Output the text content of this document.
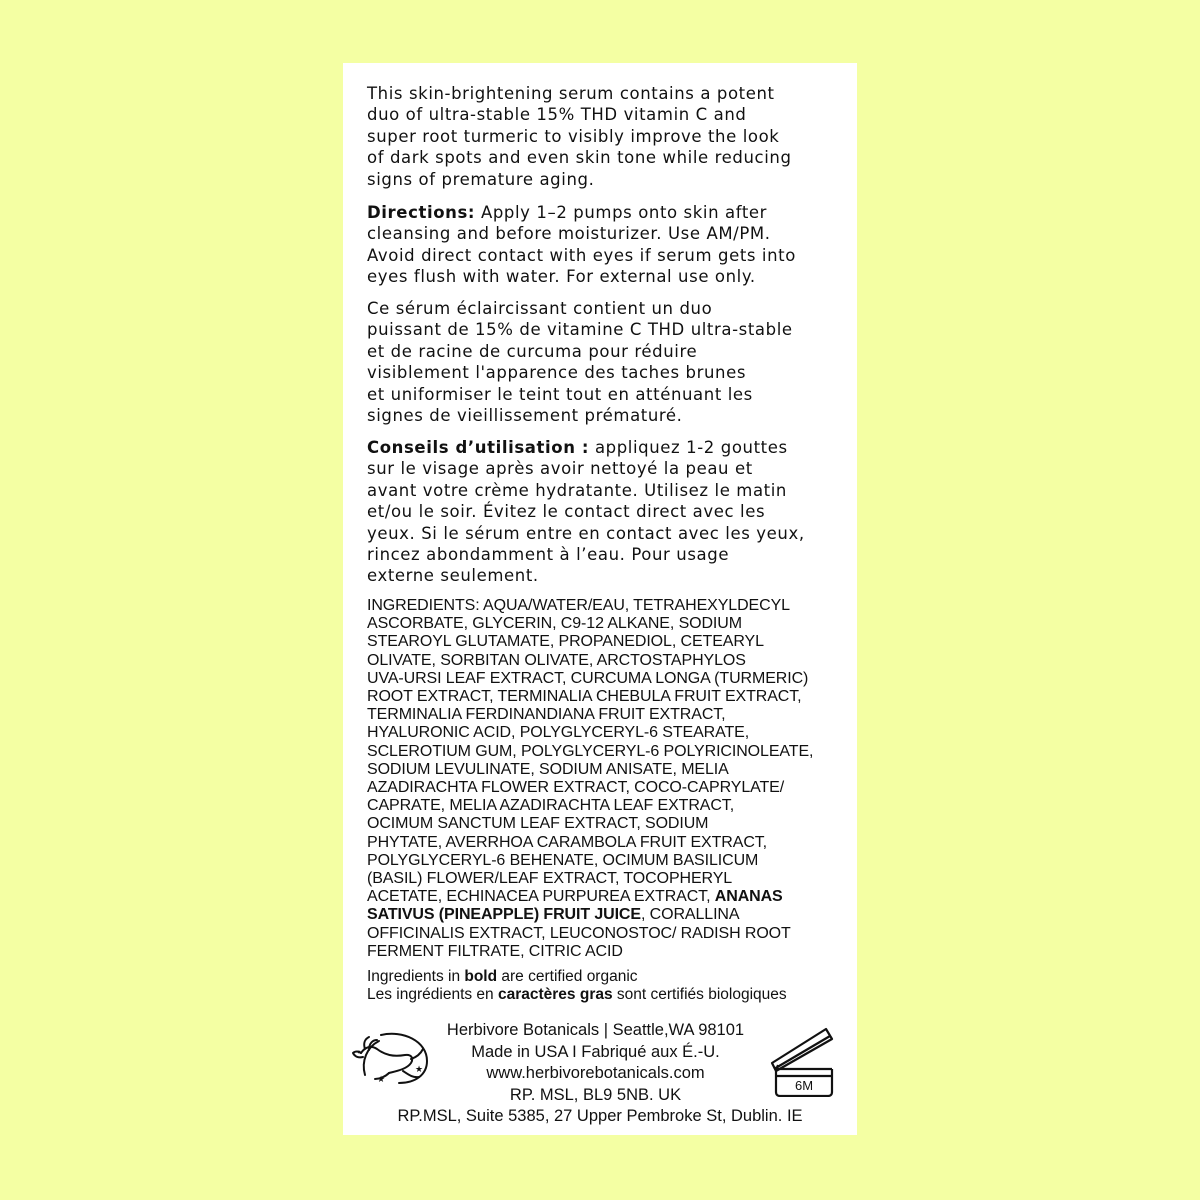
This skin-brightening serum contains a potent
duo of ultra-stable 15% THD vitamin C and
super root turmeric to visibly improve the look
of dark spots and even skin tone while reducing
signs of premature aging.
Directions: Apply 1–2 pumps onto skin after
cleansing and before moisturizer. Use AM/PM.
Avoid direct contact with eyes if serum gets into
eyes flush with water. For external use only.
Ce sérum éclaircissant contient un duo
puissant de 15% de vitamine C THD ultra-stable
et de racine de curcuma pour réduire
visiblement l'apparence des taches brunes
et uniformiser le teint tout en atténuant les
signes de vieillissement prématuré.
Conseils d’utilisation : appliquez 1-2 gouttes
sur le visage après avoir nettoyé la peau et
avant votre crème hydratante. Utilisez le matin
et/ou le soir. Évitez le contact direct avec les
yeux. Si le sérum entre en contact avec les yeux,
rincez abondamment à l’eau. Pour usage
externe seulement.
INGREDIENTS: AQUA/WATER/EAU, TETRAHEXYLDECYL
ASCORBATE, GLYCERIN, C9-12 ALKANE, SODIUM
STEAROYL GLUTAMATE, PROPANEDIOL, CETEARYL
OLIVATE, SORBITAN OLIVATE, ARCTOSTAPHYLOS
UVA-URSI LEAF EXTRACT, CURCUMA LONGA (TURMERIC)
ROOT EXTRACT, TERMINALIA CHEBULA FRUIT EXTRACT,
TERMINALIA FERDINANDIANA FRUIT EXTRACT,
HYALURONIC ACID, POLYGLYCERYL-6 STEARATE,
SCLEROTIUM GUM, POLYGLYCERYL-6 POLYRICINOLEATE,
SODIUM LEVULINATE, SODIUM ANISATE, MELIA
AZADIRACHTA FLOWER EXTRACT, COCO-CAPRYLATE/
CAPRATE, MELIA AZADIRACHTA LEAF EXTRACT,
OCIMUM SANCTUM LEAF EXTRACT, SODIUM
PHYTATE, AVERRHOA CARAMBOLA FRUIT EXTRACT,
POLYGLYCERYL-6 BEHENATE, OCIMUM BASILICUM
(BASIL) FLOWER/LEAF EXTRACT, TOCOPHERYL
ACETATE, ECHINACEA PURPUREA EXTRACT, ANANAS
SATIVUS (PINEAPPLE) FRUIT JUICE, CORALLINA
OFFICINALIS EXTRACT, LEUCONOSTOC/ RADISH ROOT
FERMENT FILTRATE, CITRIC ACID
Ingredients in bold are certified organic
Les ingrédients en caractères gras sont certifiés biologiques
★
★
Herbivore Botanicals | Seattle,WA 98101
Made in USA I Fabriqué aux É.-U.
www.herbivorebotanicals.com
RP. MSL, BL9 5NB. UK
RP.MSL, Suite 5385, 27 Upper Pembroke St, Dublin. IE
6M
